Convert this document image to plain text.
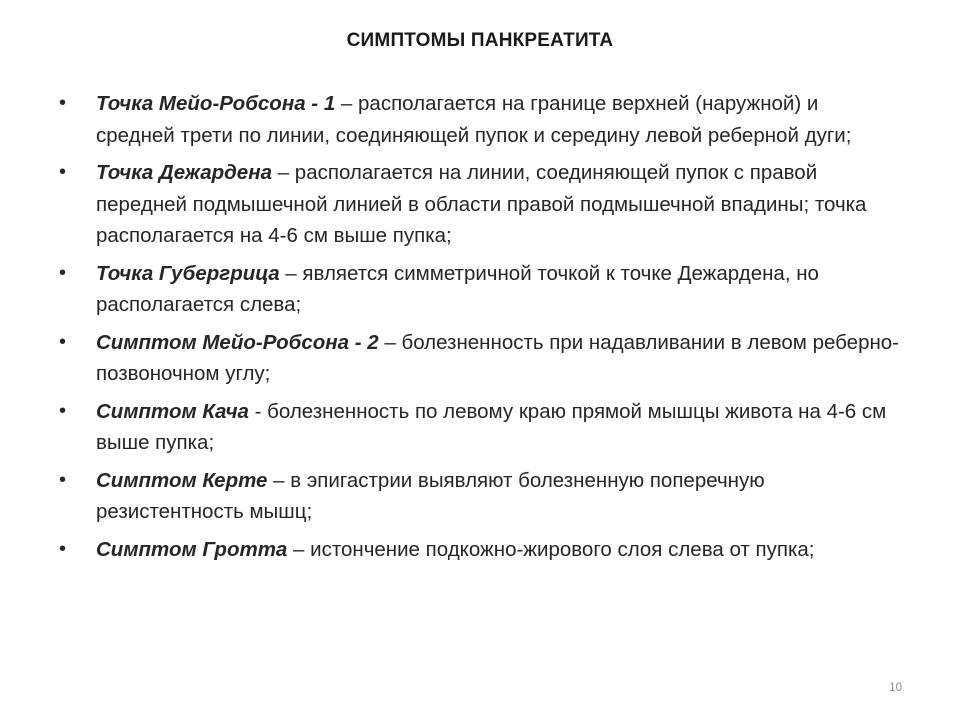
СИМПТОМЫ ПАНКРЕАТИТА
• Точка Мейо-Робсона - 1 – располагается на границе верхней (наружной) и средней трети по линии, соединяющей пупок и середину левой реберной дуги;
• Точка Дежардена – располагается на линии, соединяющей пупок с правой передней подмышечной линией в области правой подмышечной впадины; точка располагается на 4-6 см выше пупка;
• Точка Губергрица – является симметричной точкой к точке Дежардена, но располагается слева;
• Симптом Мейо-Робсона - 2 – болезненность при надавливании в левом реберно-позвоночном углу;
• Симптом Кача - болезненность по левому краю прямой мышцы живота на 4-6 см выше пупка;
• Симптом Керте – в эпигастрии выявляют болезненную поперечную резистентность мышц;
• Симптом Гротта – истончение подкожно-жирового слоя слева от пупка;
10
